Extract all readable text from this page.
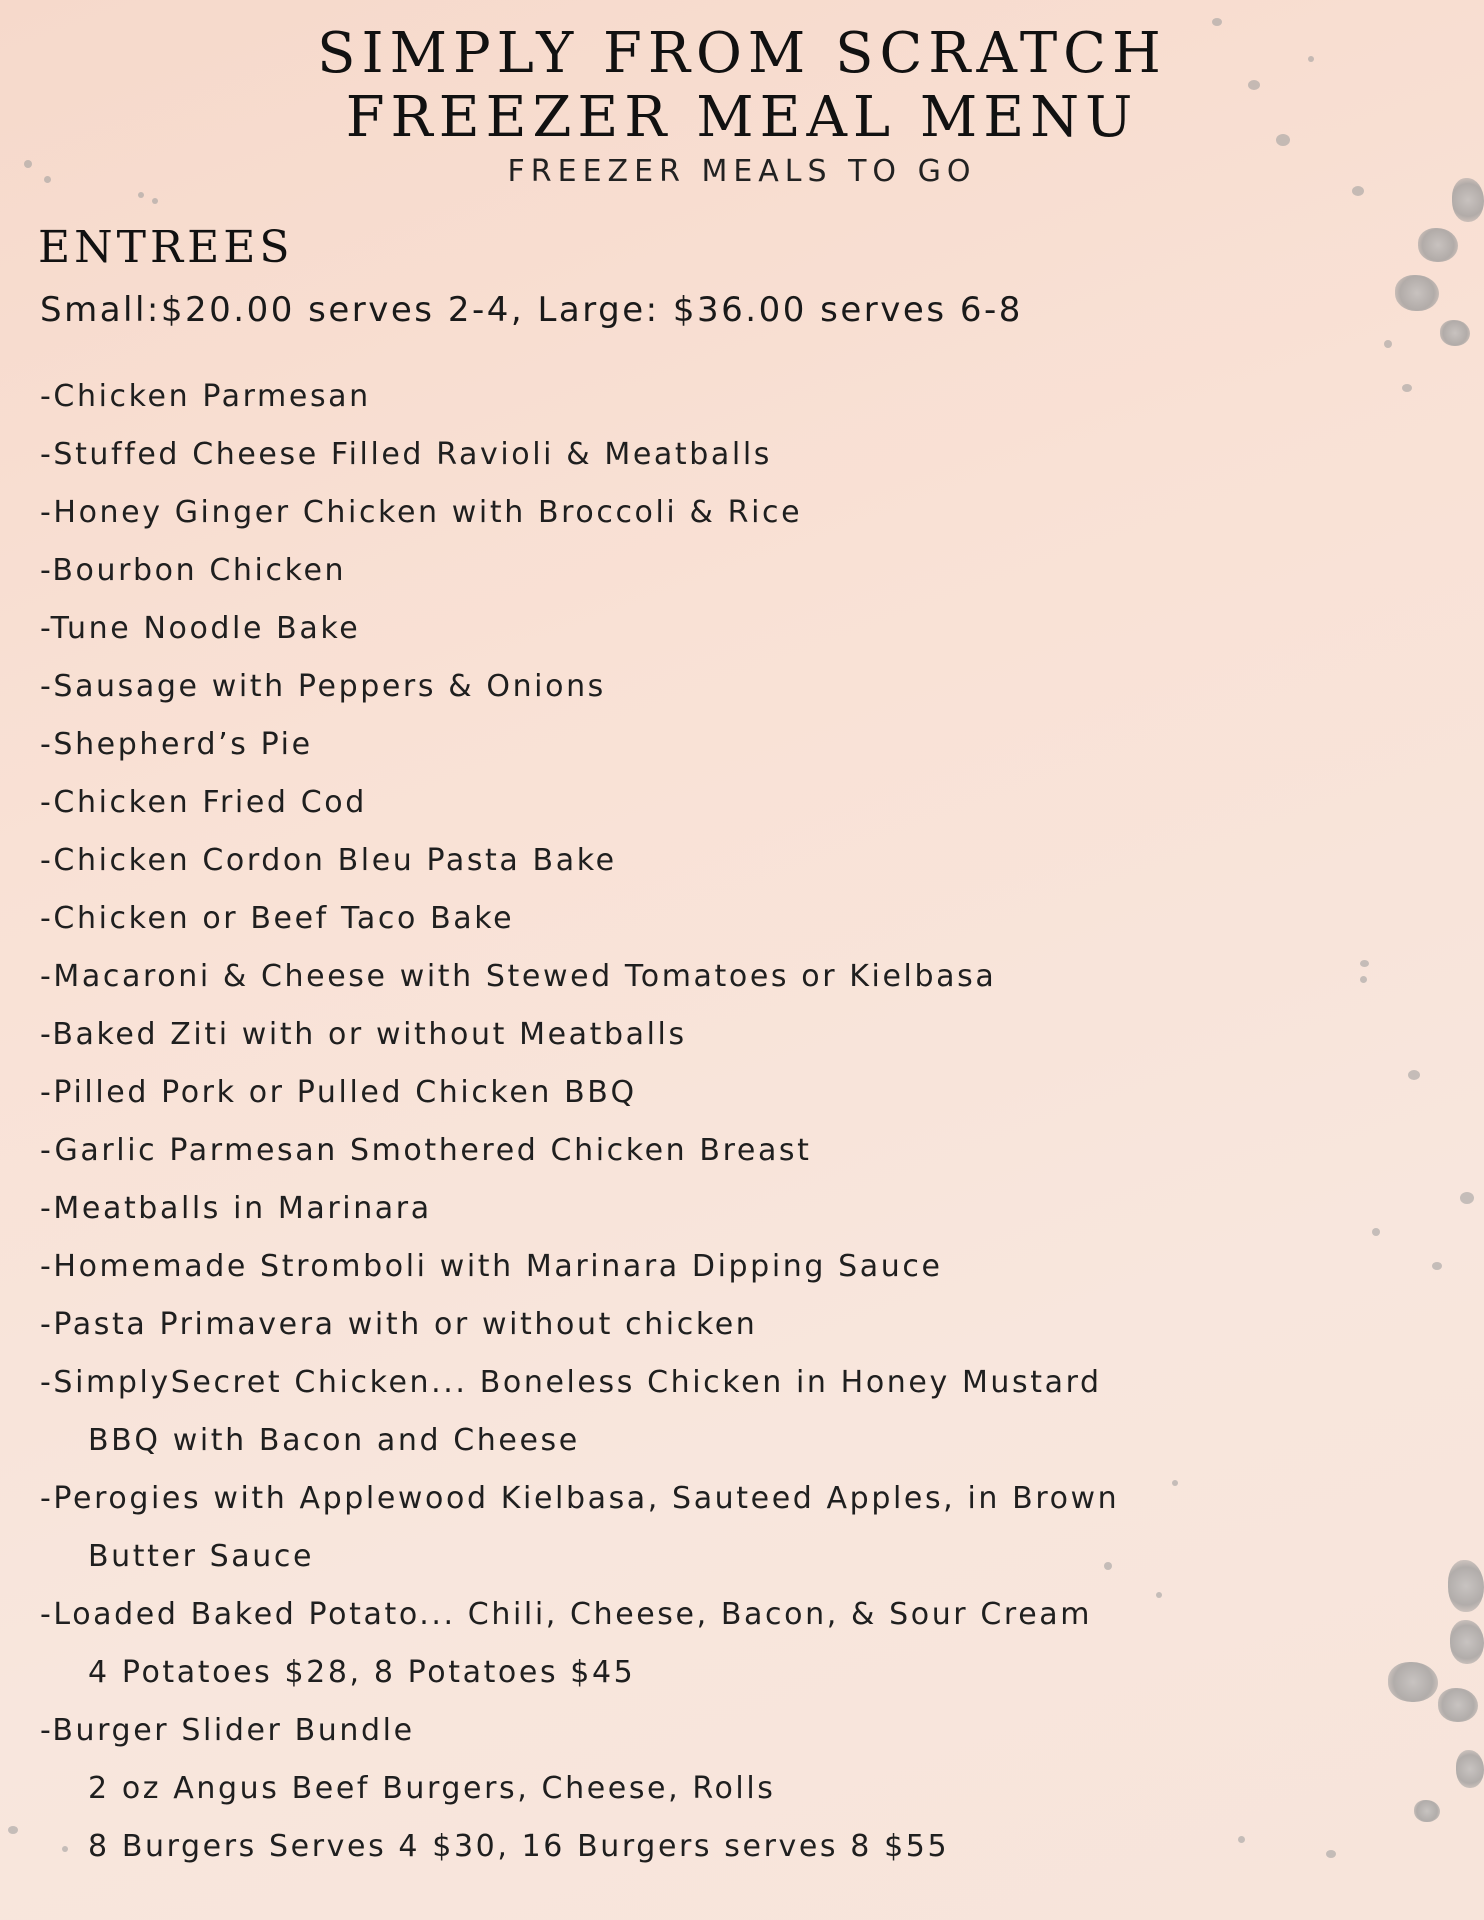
SIMPLY FROM SCRATCH
FREEZER MEAL MENU
FREEZER MEALS TO GO
ENTREES
Small:$20.00 serves 2-4, Large: $36.00 serves 6-8
-Chicken Parmesan
-Stuffed Cheese Filled Ravioli & Meatballs
-Honey Ginger Chicken with Broccoli & Rice
-Bourbon Chicken
-Tune Noodle Bake
-Sausage with Peppers & Onions
-Shepherd’s Pie
-Chicken Fried Cod
-Chicken Cordon Bleu Pasta Bake
-Chicken or Beef Taco Bake
-Macaroni & Cheese with Stewed Tomatoes or Kielbasa
-Baked Ziti with or without Meatballs
-Pilled Pork or Pulled Chicken BBQ
-Garlic Parmesan Smothered Chicken Breast
-Meatballs in Marinara
-Homemade Stromboli with Marinara Dipping Sauce
-Pasta Primavera with or without chicken
-SimplySecret Chicken... Boneless Chicken in Honey Mustard
BBQ with Bacon and Cheese
-Perogies with Applewood Kielbasa, Sauteed Apples, in Brown
Butter Sauce
-Loaded Baked Potato... Chili, Cheese, Bacon, & Sour Cream
4 Potatoes $28, 8 Potatoes $45
-Burger Slider Bundle
2 oz Angus Beef Burgers, Cheese, Rolls
8 Burgers Serves 4 $30, 16 Burgers serves 8 $55
